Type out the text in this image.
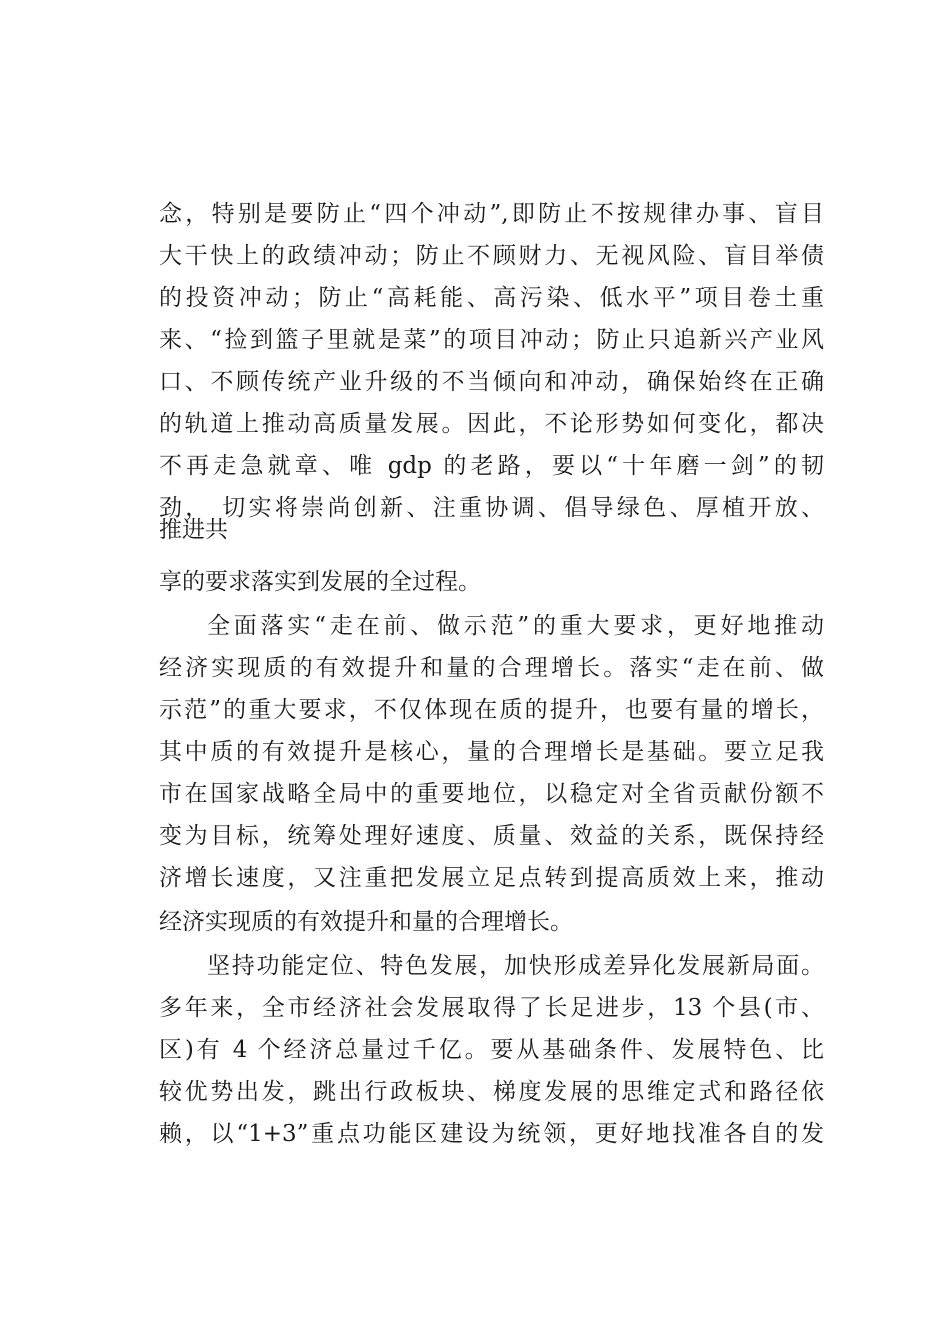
念，特别是要防止“四个冲动”,即防止不按规律办事、盲目
大干快上的政绩冲动；防止不顾财力、无视风险、盲目举债
的投资冲动；防止“高耗能、高污染、低水平”项目卷土重
来、“捡到篮子里就是菜”的项目冲动；防止只追新兴产业风
口、不顾传统产业升级的不当倾向和冲动，确保始终在正确
的轨道上推动高质量发展。因此，不论形势如何变化，都决
不再走急就章、唯 gdp 的老路，要以“十年磨一剑”的韧
劲， 切实将崇尚创新、注重协调、倡导绿色、厚植开放、
推进共
享的要求落实到发展的全过程。
全面落实“走在前、做示范”的重大要求，更好地推动
经济实现质的有效提升和量的合理增长。落实“走在前、做
示范”的重大要求，不仅体现在质的提升，也要有量的增长，
其中质的有效提升是核心，量的合理增长是基础。要立足我
市在国家战略全局中的重要地位，以稳定对全省贡献份额不
变为目标，统筹处理好速度、质量、效益的关系，既保持经
济增长速度，又注重把发展立足点转到提高质效上来，推动
经济实现质的有效提升和量的合理增长。
坚持功能定位、特色发展，加快形成差异化发展新局面。
多年来，全市经济社会发展取得了长足进步，13 个县(市、
区)有 4 个经济总量过千亿。要从基础条件、发展特色、比
较优势出发，跳出行政板块、梯度发展的思维定式和路径依
赖，以“1+3”重点功能区建设为统领，更好地找准各自的发
